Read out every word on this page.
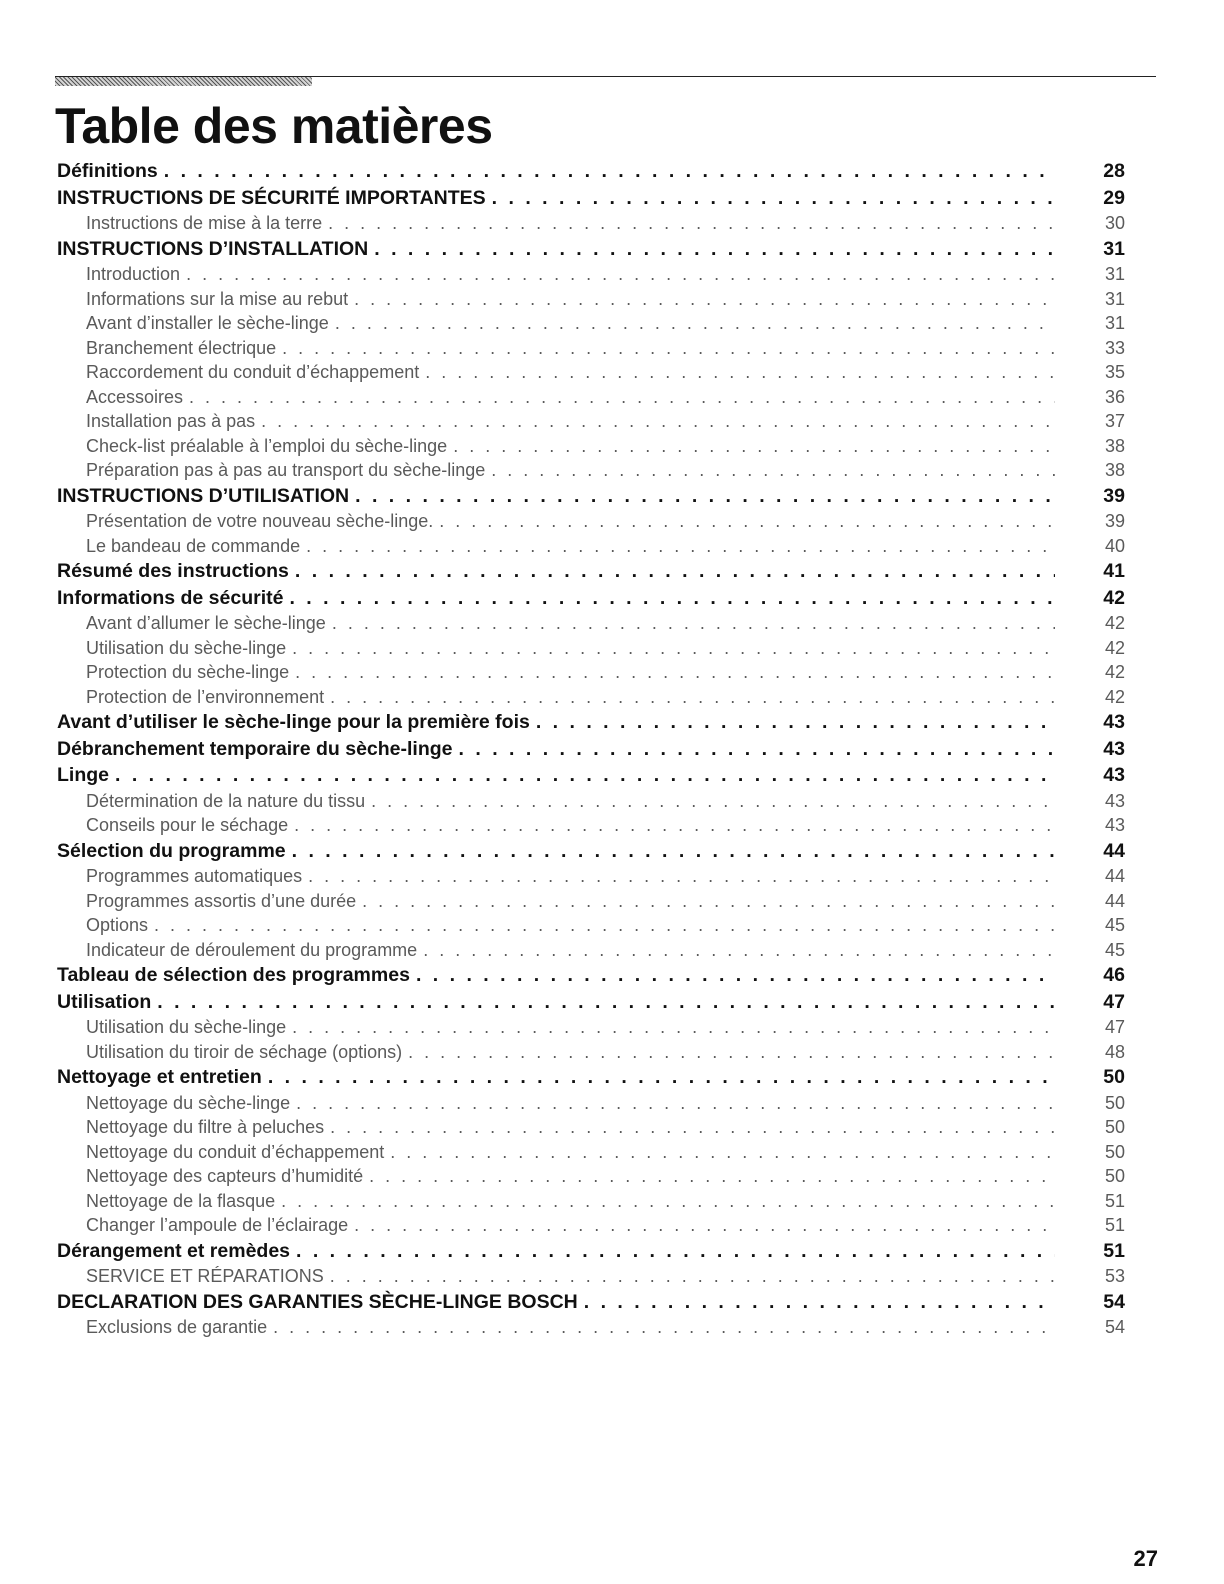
Table des matières
Définitions . . .	28
INSTRUCTIONS DE SÉCURITÉ IMPORTANTES . . .	29
Instructions de mise à la terre . . .	30
INSTRUCTIONS D’INSTALLATION . . .	31
Introduction . . .	31
Informations sur la mise au rebut . . .	31
Avant d’installer le sèche-linge . . .	31
Branchement électrique . . .	33
Raccordement du conduit d’échappement . . .	35
Accessoires . . .	36
Installation pas à pas . . .	37
Check-list préalable à l’emploi du sèche-linge . . .	38
Préparation pas à pas au transport du sèche-linge . . .	38
INSTRUCTIONS D’UTILISATION . . .	39
Présentation de votre nouveau sèche-linge. . . .	39
Le bandeau de commande . . .	40
Résumé des instructions . . .	41
Informations de sécurité . . .	42
Avant d’allumer le sèche-linge . . .	42
Utilisation du sèche-linge . . .	42
Protection du sèche-linge . . .	42
Protection de l’environnement . . .	42
Avant d’utiliser le sèche-linge pour la première fois . . .	43
Débranchement temporaire du sèche-linge . . .	43
Linge . . .	43
Détermination de la nature du tissu . . .	43
Conseils pour le séchage . . .	43
Sélection du programme . . .	44
Programmes automatiques . . .	44
Programmes assortis d’une durée . . .	44
Options . . .	45
Indicateur de déroulement du programme . . .	45
Tableau de sélection des programmes . . .	46
Utilisation . . .	47
Utilisation du sèche-linge . . .	47
Utilisation du tiroir de séchage (options) . . .	48
Nettoyage et entretien . . .	50
Nettoyage du sèche-linge . . .	50
Nettoyage du filtre à peluches . . .	50
Nettoyage du conduit d’échappement . . .	50
Nettoyage des capteurs d’humidité . . .	50
Nettoyage de la flasque . . .	51
Changer l’ampoule de l’éclairage . . .	51
Dérangement et remèdes . . .	51
SERVICE ET RÉPARATIONS . . .	53
DECLARATION DES GARANTIES SÈCHE-LINGE BOSCH . . .	54
Exclusions de garantie . . .	54
27
